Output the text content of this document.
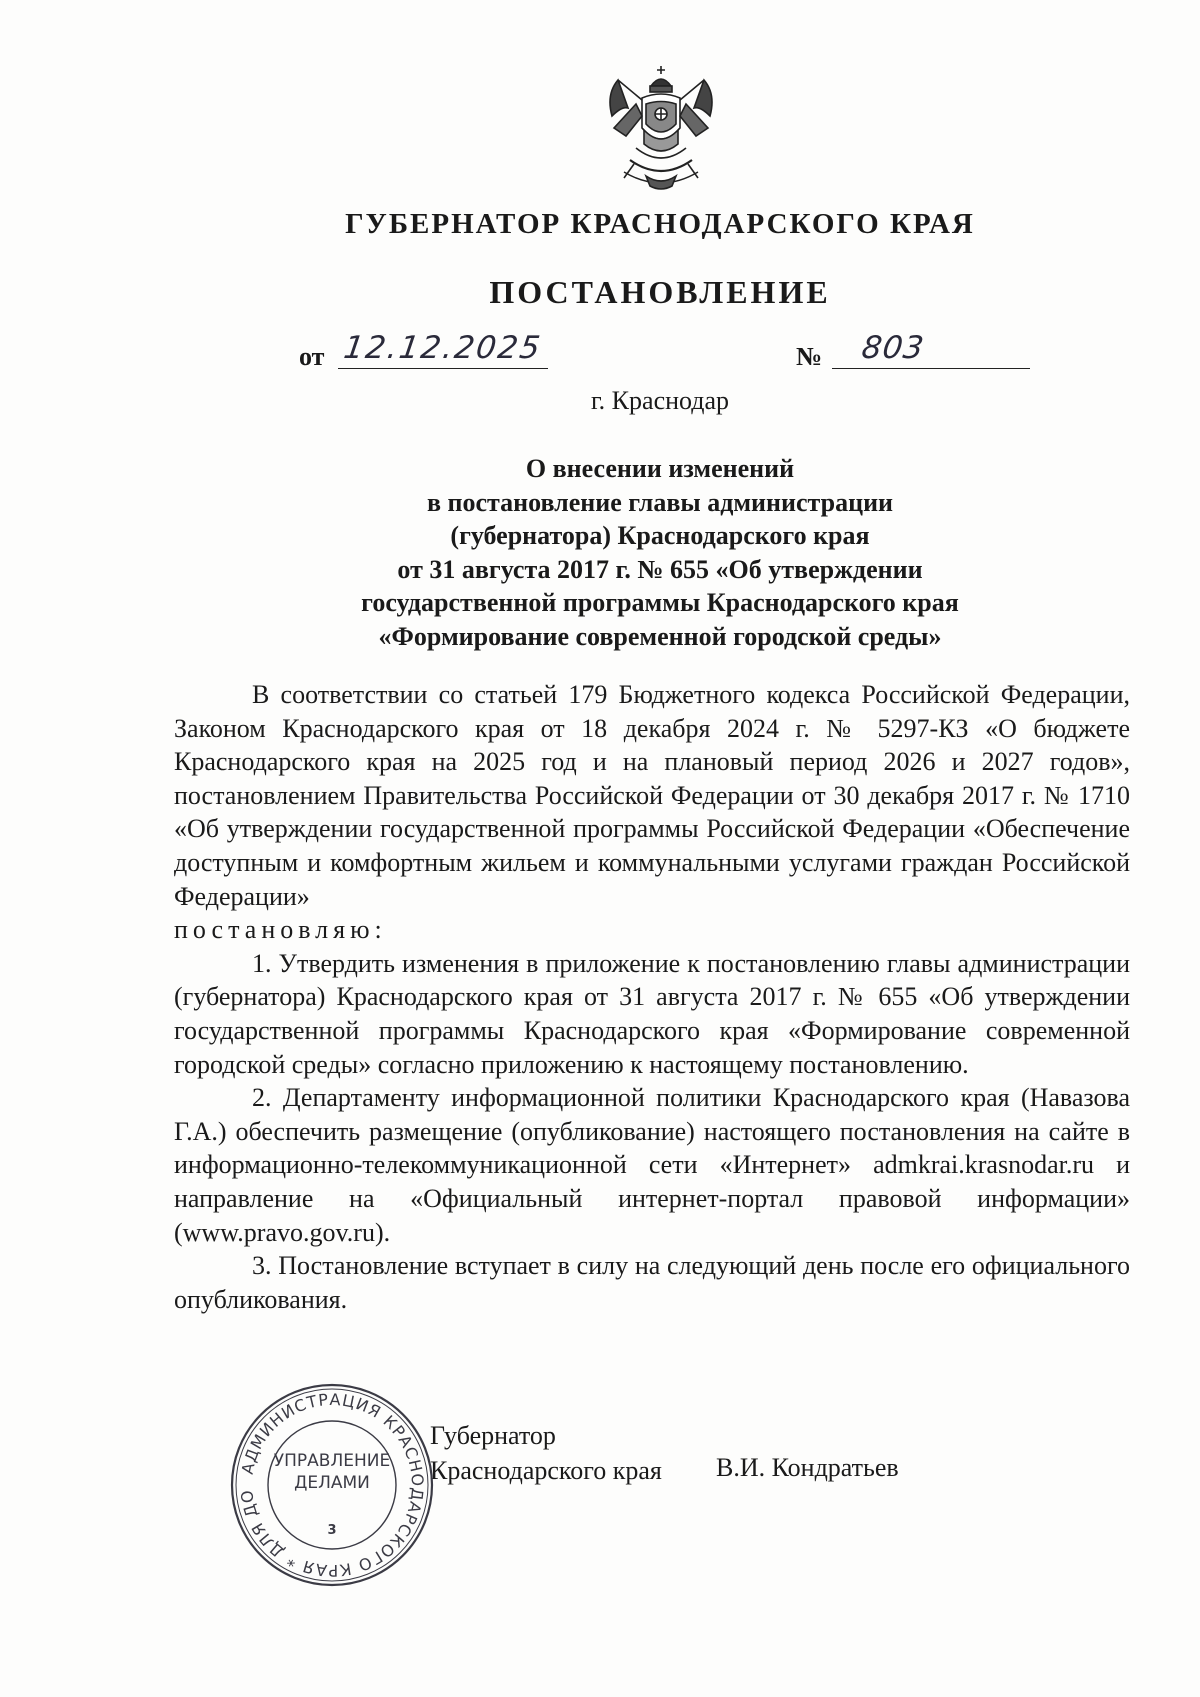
ГУБЕРНАТОР КРАСНОДАРСКОГО КРАЯ
ПОСТАНОВЛЕНИЕ
от 12.12.2025	№ 803
г. Краснодар
О внесении изменений
в постановление главы администрации
(губернатора) Краснодарского края
от 31 августа 2017 г. № 655 «Об утверждении
государственной программы Краснодарского края
«Формирование современной городской среды»

В соответствии со статьей 179 Бюджетного кодекса Российской Федерации, Законом Краснодарского края от 18 декабря 2024 г. № 5297-КЗ «О бюджете Краснодарского края на 2025 год и на плановый период 2026 и 2027 годов», постановлением Правительства Российской Федерации от 30 декабря 2017 г. № 1710 «Об утверждении государственной программы Российской Федерации «Обеспечение доступным и комфортным жильем и коммунальными услугами граждан Российской Федерации»

постановляю:

1. Утвердить изменения в приложение к постановлению главы администрации (губернатора) Краснодарского края от 31 августа 2017 г. № 655 «Об утверждении государственной программы Краснодарского края «Формирование современной городской среды» согласно приложению к настоящему постановлению.

2. Департаменту информационной политики Краснодарского края (Навазова Г.А.) обеспечить размещение (опубликование) настоящего постановления на сайте в информационно-телекоммуникационной сети «Интернет» admkrai.krasnodar.ru и направление на «Официальный интернет-портал правовой информации» (www.pravo.gov.ru).

3. Постановление вступает в силу на следующий день после его официального опубликования.

Губернатор
Краснодарского края В.И. Кондратьев
АДМИНИСТРАЦИЯ КРАСНОДАРСКОГО КРАЯ * ДЛЯ ДО
УПРАВЛЕНИЕ
ДЕЛАМИ
3
